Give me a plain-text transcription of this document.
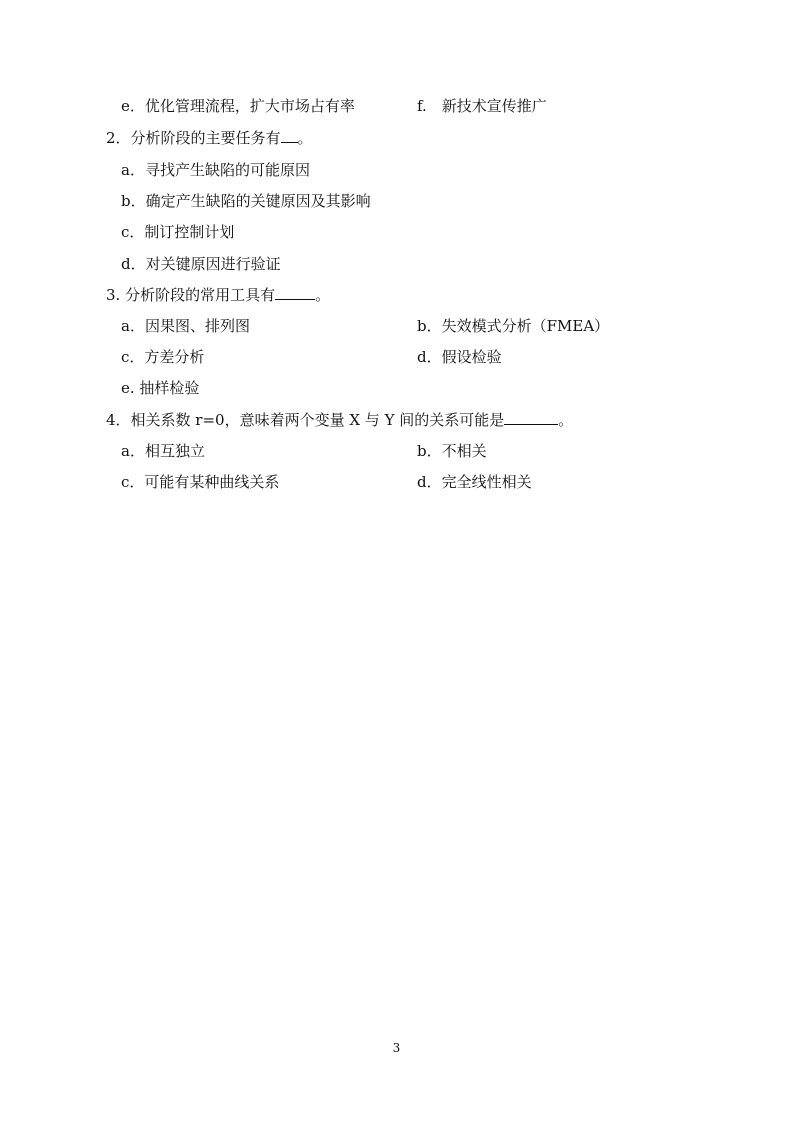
e．优化管理流程，扩大市场占有率	f.　新技术宣传推广
2．分析阶段的主要任务有 。
a．寻找产生缺陷的可能原因
b．确定产生缺陷的关键原因及其影响
c．制订控制计划
d．对关键原因进行验证
3. 分析阶段的常用工具有	。
a．因果图、排列图	b．失效模式分析（FMEA）
c．方差分析	d．假设检验
e. 抽样检验
4．相关系数 r=0，意味着两个变量 X 与 Y 间的关系可能是	。
a．相互独立	b．不相关
c．可能有某种曲线关系	d．完全线性相关
3
